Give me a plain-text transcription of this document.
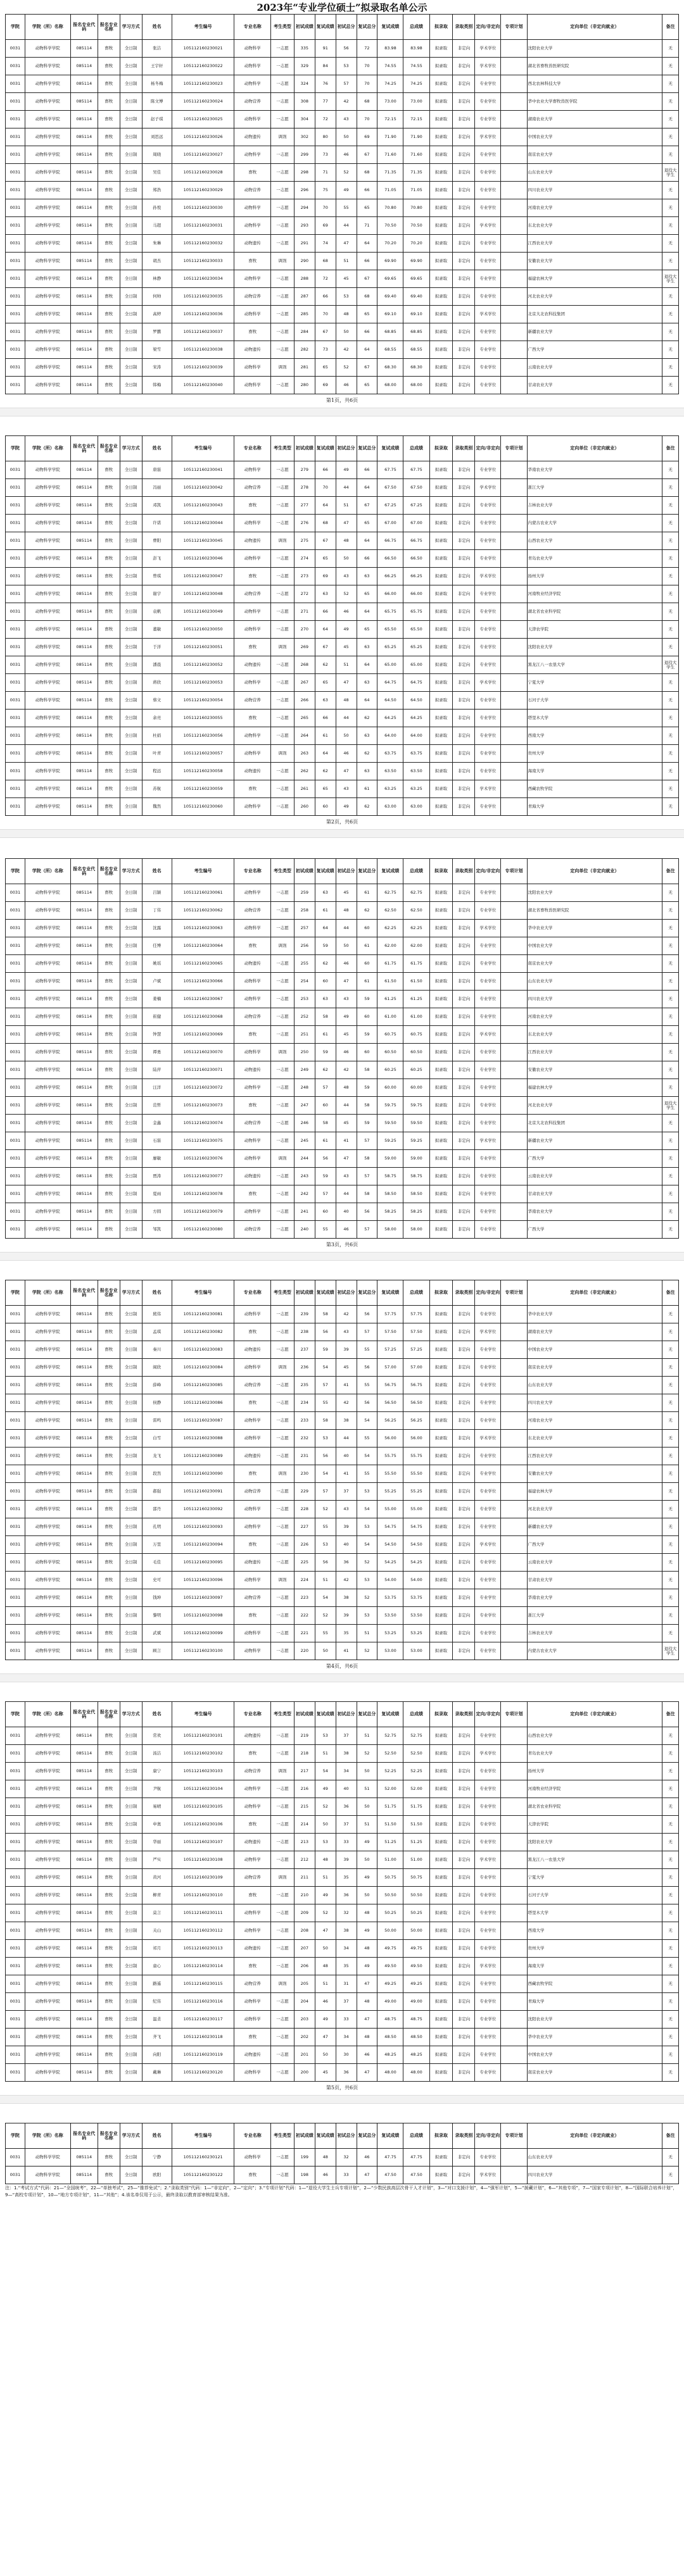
2023年“专业学位硕士”拟录取名单公示
学院	学院（所）名称	报名专业代码	报名专业名称	学习方式	姓名	考生编号	专业名称	考生类型	初试成绩	复试成绩	初试总分	复试总分	复试成绩	总成绩	拟录取	录取类别	定向/非定向	专项计划	定向单位（非定向就业）	备注
0031	动物科学学院	085114	畜牧	全日制	张洁	105112160230021	动物科学	一志愿	335	91	56	72	83.98	83.98	拟录取	非定向	学术学位		沈阳农业大学	无
0031	动物科学学院	085114	畜牧	全日制	王宇轩	105112160230022	动物科学	一志愿	329	84	53	70	74.55	74.55	拟录取	非定向	学术学位		湖北省畜牧兽医研究院	无
0031	动物科学学院	085114	畜牧	全日制	杨冬梅	105112160230023	动物科学	一志愿	324	76	57	70	74.25	74.25	拟录取	非定向	专业学位		西北农林科技大学	无
0031	动物科学学院	085114	畜牧	全日制	陈文博	105112160230024	动物营养	一志愿	308	77	42	68	73.00	73.00	拟录取	非定向	专业学位		华中农业大学畜牧兽医学院	无
0031	动物科学学院	085114	畜牧	全日制	赵子琪	105112160230025	动物科学	一志愿	304	72	43	70	72.15	72.15	拟录取	非定向	专业学位		湖南农业大学	无
0031	动物科学学院	085114	畜牧	全日制	刘思远	105112160230026	动物遗传	调剂	302	80	50	69	71.90	71.90	拟录取	非定向	学术学位		中国农业大学	无
0031	动物科学学院	085114	畜牧	全日制	周晓	105112160230027	动物科学	一志愿	299	73	46	67	71.60	71.60	拟录取	非定向	专业学位		南京农业大学	无
0031	动物科学学院	085114	畜牧	全日制	吴佳	105112160230028	畜牧	一志愿	298	71	52	68	71.35	71.35	拟录取	非定向	专业学位		山东农业大学	退役大学生
0031	动物科学学院	085114	畜牧	全日制	郑浩	105112160230029	动物营养	一志愿	296	75	49	66	71.05	71.05	拟录取	非定向	专业学位		四川农业大学	无
0031	动物科学学院	085114	畜牧	全日制	孙悦	105112160230030	动物科学	一志愿	294	70	55	65	70.80	70.80	拟录取	非定向	专业学位		河南农业大学	无
0031	动物科学学院	085114	畜牧	全日制	马超	105112160230031	动物科学	一志愿	293	69	44	71	70.50	70.50	拟录取	非定向	学术学位		东北农业大学	无
0031	动物科学学院	085114	畜牧	全日制	朱琳	105112160230032	动物遗传	一志愿	291	74	47	64	70.20	70.20	拟录取	非定向	专业学位		江西农业大学	无
0031	动物科学学院	085114	畜牧	全日制	胡杰	105112160230033	畜牧	调剂	290	68	51	66	69.90	69.90	拟录取	非定向	专业学位		安徽农业大学	无
0031	动物科学学院	085114	畜牧	全日制	林静	105112160230034	动物科学	一志愿	288	72	45	67	69.65	69.65	拟录取	非定向	专业学位		福建农林大学	退役大学生
0031	动物科学学院	085114	畜牧	全日制	何帅	105112160230035	动物营养	一志愿	287	66	53	68	69.40	69.40	拟录取	非定向	专业学位		河北农业大学	无
0031	动物科学学院	085114	畜牧	全日制	高婷	105112160230036	动物科学	一志愿	285	70	48	65	69.10	69.10	拟录取	非定向	学术学位		北京大北农科技集团	无
0031	动物科学学院	085114	畜牧	全日制	罗鹏	105112160230037	畜牧	一志愿	284	67	50	66	68.85	68.85	拟录取	非定向	专业学位		新疆农业大学	无
0031	动物科学学院	085114	畜牧	全日制	梁雪	105112160230038	动物遗传	一志愿	282	73	42	64	68.55	68.55	拟录取	非定向	专业学位		广西大学	无
0031	动物科学学院	085114	畜牧	全日制	宋涛	105112160230039	动物科学	调剂	281	65	52	67	68.30	68.30	拟录取	非定向	专业学位		云南农业大学	无
0031	动物科学学院	085114	畜牧	全日制	韩梅	105112160230040	动物科学	一志愿	280	69	46	65	68.00	68.00	拟录取	非定向	专业学位		甘肃农业大学	无
学院	学院（所）名称	报名专业代码	报名专业名称	学习方式	姓名	考生编号	专业名称	考生类型	初试成绩	复试成绩	初试总分	复试总分	复试成绩	总成绩	拟录取	录取类别	定向/非定向	专项计划	定向单位（非定向就业）	备注
0031	动物科学学院	085114	畜牧	全日制	唐磊	105112160230041	动物科学	一志愿	279	66	49	66	67.75	67.75	拟录取	非定向	专业学位		华南农业大学	无
0031	动物科学学院	085114	畜牧	全日制	冯丽	105112160230042	动物营养	一志愿	278	70	44	64	67.50	67.50	拟录取	非定向	学术学位		浙江大学	无
0031	动物科学学院	085114	畜牧	全日制	邓凯	105112160230043	畜牧	一志愿	277	64	51	67	67.25	67.25	拟录取	非定向	专业学位		吉林农业大学	无
0031	动物科学学院	085114	畜牧	全日制	许诺	105112160230044	动物科学	一志愿	276	68	47	65	67.00	67.00	拟录取	非定向	专业学位		内蒙古农业大学	无
0031	动物科学学院	085114	畜牧	全日制	曹阳	105112160230045	动物遗传	调剂	275	67	48	64	66.75	66.75	拟录取	非定向	专业学位		山西农业大学	无
0031	动物科学学院	085114	畜牧	全日制	彭飞	105112160230046	动物科学	一志愿	274	65	50	66	66.50	66.50	拟录取	非定向	专业学位		青岛农业大学	无
0031	动物科学学院	085114	畜牧	全日制	曾琪	105112160230047	畜牧	一志愿	273	69	43	63	66.25	66.25	拟录取	非定向	学术学位		扬州大学	无
0031	动物科学学院	085114	畜牧	全日制	谢宇	105112160230048	动物营养	一志愿	272	63	52	65	66.00	66.00	拟录取	非定向	专业学位		河南牧业经济学院	无
0031	动物科学学院	085114	畜牧	全日制	袁帆	105112160230049	动物科学	一志愿	271	66	46	64	65.75	65.75	拟录取	非定向	专业学位		湖北省农业科学院	无
0031	动物科学学院	085114	畜牧	全日制	董敏	105112160230050	动物科学	一志愿	270	64	49	65	65.50	65.50	拟录取	非定向	专业学位		天津农学院	无
0031	动物科学学院	085114	畜牧	全日制	于洋	105112160230051	畜牧	调剂	269	67	45	63	65.25	65.25	拟录取	非定向	专业学位		沈阳农业大学	无
0031	动物科学学院	085114	畜牧	全日制	潘晨	105112160230052	动物遗传	一志愿	268	62	51	64	65.00	65.00	拟录取	非定向	专业学位		黑龙江八一农垦大学	退役大学生
0031	动物科学学院	085114	畜牧	全日制	蒋欣	105112160230053	动物科学	一志愿	267	65	47	63	64.75	64.75	拟录取	非定向	学术学位		宁夏大学	无
0031	动物科学学院	085114	畜牧	全日制	蔡文	105112160230054	动物营养	一志愿	266	63	48	64	64.50	64.50	拟录取	非定向	专业学位		石河子大学	无
0031	动物科学学院	085114	畜牧	全日制	余亮	105112160230055	畜牧	一志愿	265	66	44	62	64.25	64.25	拟录取	非定向	专业学位		塔里木大学	无
0031	动物科学学院	085114	畜牧	全日制	杜娟	105112160230056	动物科学	一志愿	264	61	50	63	64.00	64.00	拟录取	非定向	专业学位		西南大学	无
0031	动物科学学院	085114	畜牧	全日制	叶青	105112160230057	动物科学	调剂	263	64	46	62	63.75	63.75	拟录取	非定向	专业学位		贵州大学	无
0031	动物科学学院	085114	畜牧	全日制	程远	105112160230058	动物遗传	一志愿	262	62	47	63	63.50	63.50	拟录取	非定向	专业学位		海南大学	无
0031	动物科学学院	085114	畜牧	全日制	苏航	105112160230059	畜牧	一志愿	261	65	43	61	63.25	63.25	拟录取	非定向	学术学位		西藏农牧学院	无
0031	动物科学学院	085114	畜牧	全日制	魏然	105112160230060	动物科学	一志愿	260	60	49	62	63.00	63.00	拟录取	非定向	专业学位		青海大学	无
学院	学院（所）名称	报名专业代码	报名专业名称	学习方式	姓名	考生编号	专业名称	考生类型	初试成绩	复试成绩	初试总分	复试总分	复试成绩	总成绩	拟录取	录取类别	定向/非定向	专项计划	定向单位（非定向就业）	备注
0031	动物科学学院	085114	畜牧	全日制	吕颖	105112160230061	动物科学	一志愿	259	63	45	61	62.75	62.75	拟录取	非定向	专业学位		沈阳农业大学	无
0031	动物科学学院	085114	畜牧	全日制	丁伟	105112160230062	动物营养	一志愿	258	61	48	62	62.50	62.50	拟录取	非定向	专业学位		湖北省畜牧兽医研究院	无
0031	动物科学学院	085114	畜牧	全日制	沈露	105112160230063	动物科学	一志愿	257	64	44	60	62.25	62.25	拟录取	非定向	学术学位		华中农业大学	无
0031	动物科学学院	085114	畜牧	全日制	任博	105112160230064	畜牧	调剂	256	59	50	61	62.00	62.00	拟录取	非定向	专业学位		中国农业大学	无
0031	动物科学学院	085114	畜牧	全日制	姚瑶	105112160230065	动物遗传	一志愿	255	62	46	60	61.75	61.75	拟录取	非定向	专业学位		南京农业大学	无
0031	动物科学学院	085114	畜牧	全日制	卢斌	105112160230066	动物科学	一志愿	254	60	47	61	61.50	61.50	拟录取	非定向	专业学位		山东农业大学	无
0031	动物科学学院	085114	畜牧	全日制	姜楠	105112160230067	动物科学	一志愿	253	63	43	59	61.25	61.25	拟录取	非定向	专业学位		四川农业大学	无
0031	动物科学学院	085114	畜牧	全日制	崔健	105112160230068	动物营养	一志愿	252	58	49	60	61.00	61.00	拟录取	非定向	专业学位		河南农业大学	无
0031	动物科学学院	085114	畜牧	全日制	钟慧	105112160230069	畜牧	一志愿	251	61	45	59	60.75	60.75	拟录取	非定向	学术学位		东北农业大学	无
0031	动物科学学院	085114	畜牧	全日制	谭勇	105112160230070	动物科学	调剂	250	59	46	60	60.50	60.50	拟录取	非定向	专业学位		江西农业大学	无
0031	动物科学学院	085114	畜牧	全日制	陆萍	105112160230071	动物遗传	一志愿	249	62	42	58	60.25	60.25	拟录取	非定向	专业学位		安徽农业大学	无
0031	动物科学学院	085114	畜牧	全日制	汪洋	105112160230072	动物科学	一志愿	248	57	48	59	60.00	60.00	拟录取	非定向	专业学位		福建农林大学	无
0031	动物科学学院	085114	畜牧	全日制	范哲	105112160230073	畜牧	一志愿	247	60	44	58	59.75	59.75	拟录取	非定向	专业学位		河北农业大学	退役大学生
0031	动物科学学院	085114	畜牧	全日制	金鑫	105112160230074	动物营养	一志愿	246	58	45	59	59.50	59.50	拟录取	非定向	专业学位		北京大北农科技集团	无
0031	动物科学学院	085114	畜牧	全日制	石磊	105112160230075	动物科学	一志愿	245	61	41	57	59.25	59.25	拟录取	非定向	学术学位		新疆农业大学	无
0031	动物科学学院	085114	畜牧	全日制	廖敏	105112160230076	动物科学	调剂	244	56	47	58	59.00	59.00	拟录取	非定向	专业学位		广西大学	无
0031	动物科学学院	085114	畜牧	全日制	贾涛	105112160230077	动物遗传	一志愿	243	59	43	57	58.75	58.75	拟录取	非定向	专业学位		云南农业大学	无
0031	动物科学学院	085114	畜牧	全日制	夏雨	105112160230078	畜牧	一志愿	242	57	44	58	58.50	58.50	拟录取	非定向	专业学位		甘肃农业大学	无
0031	动物科学学院	085114	畜牧	全日制	方圆	105112160230079	动物科学	一志愿	241	60	40	56	58.25	58.25	拟录取	非定向	专业学位		华南农业大学	无
0031	动物科学学院	085114	畜牧	全日制	邹凯	105112160230080	动物营养	一志愿	240	55	46	57	58.00	58.00	拟录取	非定向	专业学位		广西大学	无
学院	学院（所）名称	报名专业代码	报名专业名称	学习方式	姓名	考生编号	专业名称	考生类型	初试成绩	复试成绩	初试总分	复试总分	复试成绩	总成绩	拟录取	录取类别	定向/非定向	专项计划	定向单位（非定向就业）	备注
0031	动物科学学院	085114	畜牧	全日制	熊伟	105112160230081	动物科学	一志愿	239	58	42	56	57.75	57.75	拟录取	非定向	专业学位		华中农业大学	无
0031	动物科学学院	085114	畜牧	全日制	孟琪	105112160230082	畜牧	一志愿	238	56	43	57	57.50	57.50	拟录取	非定向	学术学位		湖南农业大学	无
0031	动物科学学院	085114	畜牧	全日制	秦川	105112160230083	动物遗传	一志愿	237	59	39	55	57.25	57.25	拟录取	非定向	专业学位		中国农业大学	无
0031	动物科学学院	085114	畜牧	全日制	阎欣	105112160230084	动物科学	调剂	236	54	45	56	57.00	57.00	拟录取	非定向	专业学位		南京农业大学	无
0031	动物科学学院	085114	畜牧	全日制	薛峰	105112160230085	动物营养	一志愿	235	57	41	55	56.75	56.75	拟录取	非定向	专业学位		山东农业大学	无
0031	动物科学学院	085114	畜牧	全日制	侯静	105112160230086	畜牧	一志愿	234	55	42	56	56.50	56.50	拟录取	非定向	专业学位		四川农业大学	无
0031	动物科学学院	085114	畜牧	全日制	雷鸣	105112160230087	动物科学	一志愿	233	58	38	54	56.25	56.25	拟录取	非定向	专业学位		河南农业大学	无
0031	动物科学学院	085114	畜牧	全日制	白雪	105112160230088	动物科学	一志愿	232	53	44	55	56.00	56.00	拟录取	非定向	学术学位		东北农业大学	无
0031	动物科学学院	085114	畜牧	全日制	龙飞	105112160230089	动物遗传	一志愿	231	56	40	54	55.75	55.75	拟录取	非定向	专业学位		江西农业大学	无
0031	动物科学学院	085114	畜牧	全日制	段然	105112160230090	畜牧	调剂	230	54	41	55	55.50	55.50	拟录取	非定向	专业学位		安徽农业大学	无
0031	动物科学学院	085114	畜牧	全日制	郝强	105112160230091	动物营养	一志愿	229	57	37	53	55.25	55.25	拟录取	非定向	专业学位		福建农林大学	无
0031	动物科学学院	085114	畜牧	全日制	邵丹	105112160230092	动物科学	一志愿	228	52	43	54	55.00	55.00	拟录取	非定向	专业学位		河北农业大学	无
0031	动物科学学院	085114	畜牧	全日制	孔明	105112160230093	动物科学	一志愿	227	55	39	53	54.75	54.75	拟录取	非定向	专业学位		新疆农业大学	无
0031	动物科学学院	085114	畜牧	全日制	万里	105112160230094	畜牧	一志愿	226	53	40	54	54.50	54.50	拟录取	非定向	学术学位		广西大学	无
0031	动物科学学院	085114	畜牧	全日制	毛佳	105112160230095	动物遗传	一志愿	225	56	36	52	54.25	54.25	拟录取	非定向	专业学位		云南农业大学	无
0031	动物科学学院	085114	畜牧	全日制	史可	105112160230096	动物科学	调剂	224	51	42	53	54.00	54.00	拟录取	非定向	专业学位		甘肃农业大学	无
0031	动物科学学院	085114	畜牧	全日制	钱坤	105112160230097	动物营养	一志愿	223	54	38	52	53.75	53.75	拟录取	非定向	专业学位		华南农业大学	无
0031	动物科学学院	085114	畜牧	全日制	黎明	105112160230098	畜牧	一志愿	222	52	39	53	53.50	53.50	拟录取	非定向	专业学位		浙江大学	无
0031	动物科学学院	085114	畜牧	全日制	武斌	105112160230099	动物科学	一志愿	221	55	35	51	53.25	53.25	拟录取	非定向	专业学位		吉林农业大学	无
0031	动物科学学院	085114	畜牧	全日制	顾言	105112160230100	动物科学	一志愿	220	50	41	52	53.00	53.00	拟录取	非定向	专业学位		内蒙古农业大学	退役大学生
学院	学院（所）名称	报名专业代码	报名专业名称	学习方式	姓名	考生编号	专业名称	考生类型	初试成绩	复试成绩	初试总分	复试总分	复试成绩	总成绩	拟录取	录取类别	定向/非定向	专项计划	定向单位（非定向就业）	备注
0031	动物科学学院	085114	畜牧	全日制	常欢	105112160230101	动物遗传	一志愿	219	53	37	51	52.75	52.75	拟录取	非定向	专业学位		山西农业大学	无
0031	动物科学学院	085114	畜牧	全日制	汤洁	105112160230102	畜牧	一志愿	218	51	38	52	52.50	52.50	拟录取	非定向	学术学位		青岛农业大学	无
0031	动物科学学院	085114	畜牧	全日制	康宁	105112160230103	动物营养	调剂	217	54	34	50	52.25	52.25	拟录取	非定向	专业学位		扬州大学	无
0031	动物科学学院	085114	畜牧	全日制	尹航	105112160230104	动物科学	一志愿	216	49	40	51	52.00	52.00	拟录取	非定向	专业学位		河南牧业经济学院	无
0031	动物科学学院	085114	畜牧	全日制	易晴	105112160230105	动物科学	一志愿	215	52	36	50	51.75	51.75	拟录取	非定向	专业学位		湖北省农业科学院	无
0031	动物科学学院	085114	畜牧	全日制	申奥	105112160230106	畜牧	一志愿	214	50	37	51	51.50	51.50	拟录取	非定向	专业学位		天津农学院	无
0031	动物科学学院	085114	畜牧	全日制	华丽	105112160230107	动物遗传	一志愿	213	53	33	49	51.25	51.25	拟录取	非定向	专业学位		沈阳农业大学	无
0031	动物科学学院	085114	畜牧	全日制	严实	105112160230108	动物科学	一志愿	212	48	39	50	51.00	51.00	拟录取	非定向	学术学位		黑龙江八一农垦大学	无
0031	动物科学学院	085114	畜牧	全日制	黄河	105112160230109	动物营养	调剂	211	51	35	49	50.75	50.75	拟录取	非定向	专业学位		宁夏大学	无
0031	动物科学学院	085114	畜牧	全日制	柳青	105112160230110	畜牧	一志愿	210	49	36	50	50.50	50.50	拟录取	非定向	专业学位		石河子大学	无
0031	动物科学学院	085114	畜牧	全日制	莫言	105112160230111	动物科学	一志愿	209	52	32	48	50.25	50.25	拟录取	非定向	专业学位		塔里木大学	无
0031	动物科学学院	085114	畜牧	全日制	关山	105112160230112	动物科学	一志愿	208	47	38	49	50.00	50.00	拟录取	非定向	专业学位		西南大学	无
0031	动物科学学院	085114	畜牧	全日制	祁月	105112160230113	动物遗传	一志愿	207	50	34	48	49.75	49.75	拟录取	非定向	专业学位		贵州大学	无
0031	动物科学学院	085114	畜牧	全日制	童心	105112160230114	畜牧	一志愿	206	48	35	49	49.50	49.50	拟录取	非定向	学术学位		海南大学	无
0031	动物科学学院	085114	畜牧	全日制	路遥	105112160230115	动物营养	调剂	205	51	31	47	49.25	49.25	拟录取	非定向	专业学位		西藏农牧学院	无
0031	动物科学学院	085114	畜牧	全日制	纪伟	105112160230116	动物科学	一志愿	204	46	37	48	49.00	49.00	拟录取	非定向	专业学位		青海大学	无
0031	动物科学学院	085114	畜牧	全日制	温柔	105112160230117	动物科学	一志愿	203	49	33	47	48.75	48.75	拟录取	非定向	专业学位		沈阳农业大学	无
0031	动物科学学院	085114	畜牧	全日制	齐飞	105112160230118	畜牧	一志愿	202	47	34	48	48.50	48.50	拟录取	非定向	专业学位		华中农业大学	无
0031	动物科学学院	085114	畜牧	全日制	向阳	105112160230119	动物遗传	一志愿	201	50	30	46	48.25	48.25	拟录取	非定向	专业学位		中国农业大学	无
0031	动物科学学院	085114	畜牧	全日制	戴琳	105112160230120	动物科学	一志愿	200	45	36	47	48.00	48.00	拟录取	非定向	专业学位		南京农业大学	无
学院	学院（所）名称	报名专业代码	报名专业名称	学习方式	姓名	考生编号	专业名称	考生类型	初试成绩	复试成绩	初试总分	复试总分	复试成绩	总成绩	拟录取	录取类别	定向/非定向	专项计划	定向单位（非定向就业）	备注
0031	动物科学学院	085114	畜牧	全日制	宁静	105112160230121	动物科学	一志愿	199	48	32	46	47.75	47.75	拟录取	非定向	专业学位		山东农业大学	无
0031	动物科学学院	085114	畜牧	全日制	欧阳	105112160230122	畜牧	一志愿	198	46	33	47	47.50	47.50	拟录取	非定向	学术学位		四川农业大学	无
注：1.“考试方式”代码：21—“全国统考”，22—“单独考试”，25—“推荐免试”；2.“录取类别”代码：1—“非定向”，2—“定向”；3.“专项计划”代码：1—“退役大学生士兵专项计划”，2—“少数民族高层次骨干人才计划”，3—“对口支援计划”，4—“强军计划”，5—“援藏计划”，6—“其他专项”，7—“国家专项计划”，8—“国际联合培养计划”，9—“高校专项计划”，10—“地方专项计划”，11—“其他”；4.该名单仅用于公示，最终录取以教育部审核结果为准。
第1页，共6页
第2页，共6页
第3页，共6页
第4页，共6页
第5页，共6页
